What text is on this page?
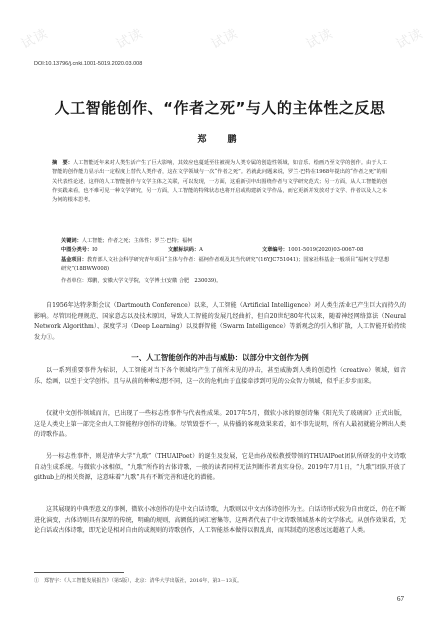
试读	试读	试读	试读	试读
DOI:10.13796/j.cnki.1001-5019.2020.03.008
人工智能创作、“作者之死”与人的主体性之反思
郑　鹏
摘　要：人工智能近年来对人类生活产生了巨大影响，其效应也蔓延至往被视为人类专属的创造性领域，如音乐、绘画乃至文学的创作。由于人工智能的创作能力显示出一定程度上替代人类作者，这在文学领域与一次“作者之死”。若就此问题来说，罗兰·巴特在1968年提出的“作者之死”的相关代表性论述，这样的人工智能创作与文学主体之关联，可以发现，一方面，这重新引申出围绕作者与文学研究范式；另一方面，从人工智能的创作实践来看，也不难可见一种文学研究，另一方面，人工智能的特殊状态也将开启或构建新文学作品，而它更新并发放对于文学、作者以及人之本为何的根本思考。
关键词：人工智能；作者之死；主体性；罗兰·巴特；福柯
中图分类号：I0	文献标识码：A	文章编号：1001-5019(2020)03-0067-08
基金项目：教育部人文社会科学研究青年项目“主体与作者：福柯作者观及其当代研究”(16YJC751041)；国家社科基金一般项目“福柯文学思想研究”(18BWW008)
作者单位：郑鹏，安徽大学文学院，文学博士(安徽 合肥　230039)。
自1956年达特茅斯会议（Dartmouth Conference）以来，人工智能（Artificial Intelligence）对人类生活业已产生巨大而持久的影响。尽管因伦理规范、国家意志以及技术原因，导致人工智能的发展几经曲折，但自20世纪80年代以来，随着神经网络算法（Neural Network Algorithm）、深度学习（Deep Learning）以及群智能（Swarm Intelligence）等新观念的引入和扩散，人工智能开始持续发力①。
一、人工智能创作的冲击与威胁：以部分中文创作为例
以一系列重要事件为标识，人工智能对当下各个领域均产生了前所未见的冲击，甚至威胁到人类的创造性（creative）领域，如音乐、绘画，以至于文学创作。且与从前的种种幻想不同，这一次的危机由于直接牵涉到可见的公众智力领域，似乎正步步而来。
仅就中文创作领域而言，已出现了一些标志性事件与代表性成果。2017年5月，微软小冰的原创诗集《阳光失了玻璃窗》正式出版，这是人类史上第一部完全由人工智能程序创作的诗集。尽管毁誉不一，从传播的客观效果来看，如不事先说明，所有人最初就能分辨出人类的诗歌作品。
另一标志性事件，则是清华大学“九歌”（THUAIPoet）的诞生及发展，它是由孙茂松教授带领的THUAIPoet团队所研发的中文诗歌自动生成系统。与微软小冰相似，“九歌”所作的古体诗歌，一般的读者同样无法判断作者真实身份。2019年7月1日，“九歌”团队开放了github上的相关资源，这意味着“九歌”具有不断完善和进化的潜能。
这其展现的中典型意义的事例，微软小冰创作的是中文白话诗歌，九歌则以中文古体诗创作为主。白话诗形式较为自由宽泛，仍在不断进化演变，古体诗则具有深厚的传统，明确的规则，高额低的词汇密集等，这两者代表了中文诗歌领域基本的文学体式。从创作效果看，无论白话或古体诗歌，即无论是相对自由的或规则的诗歌创作，人工智能基本做得以假乱真，而其制造的迷惑远远超越了人类。
①　郑智宇：《人工智能发展报告》（第5版），北京：清华大学出版社，2016年，第3－13页。
67
